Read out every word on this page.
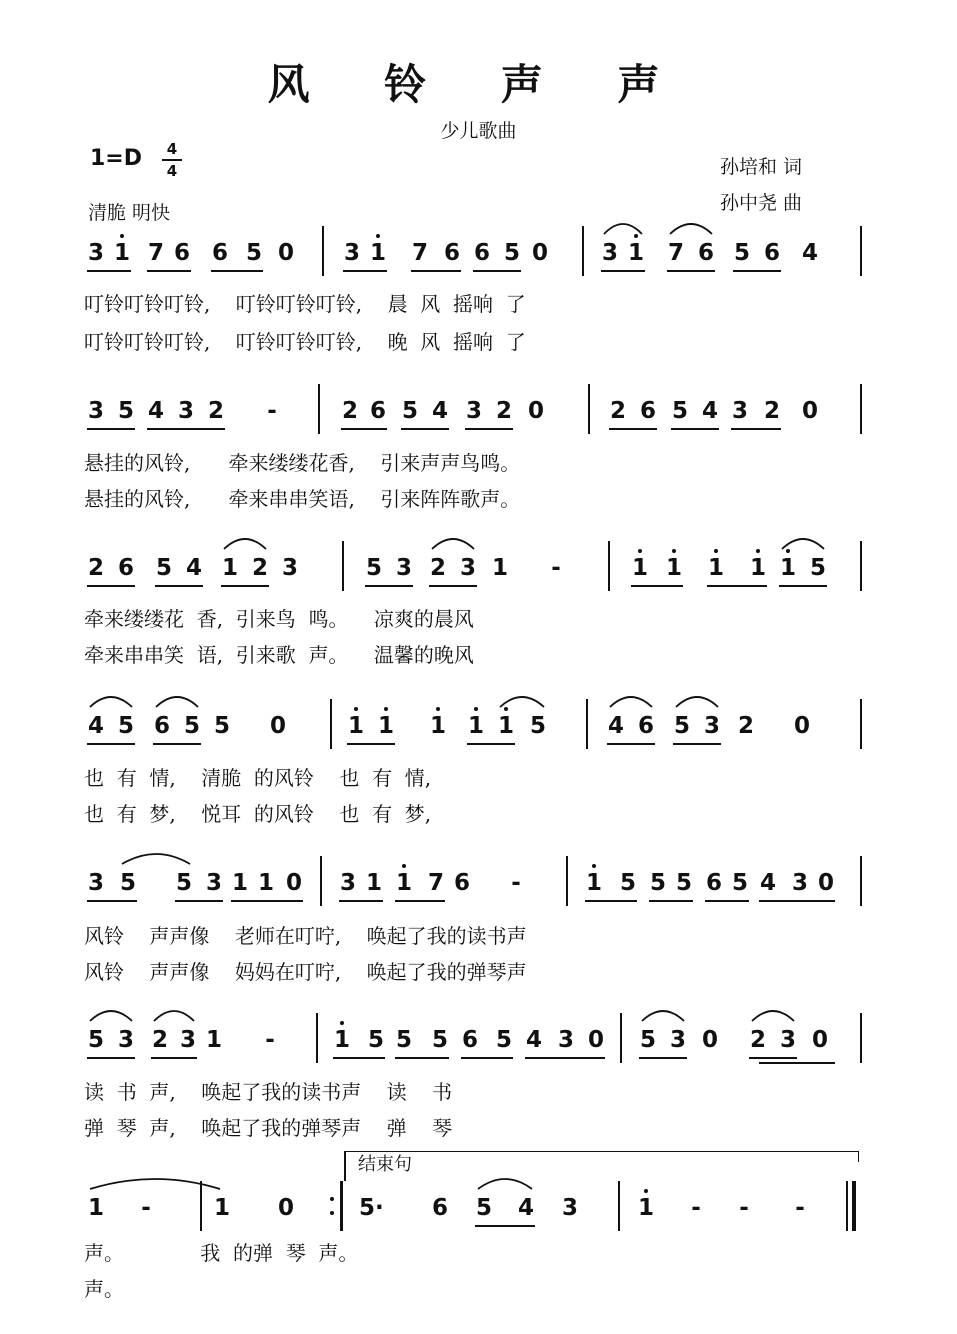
风 铃 声 声
少儿歌曲
1=D	4
4
清脆 明快
孙培和 词
孙中尧 曲
3 1 7 6 6 5 0 3 1 7 6 6 5 0 3 1 7 6 5 6 4
3 5 4 3 2 -	2 6 5 4 3 2 0	2 6 5 4 3 2 0
2 6 5 4 1 2 3	5 3 2 3 1 -	1 1 1 1 1 5
4 5 6 5 5 0	1 1 1 1 1 5	4 6 5 3 2 0
3 5 5 3 1 1 0 3 1 1 7 6 -	1 5 5 5 6 5 4 3 0
5 3 2 3 1 -	1 5 5 5 6 5 4 3 0 5 3 0 2 3 0
1 -	1 0	5· 6 5 4 3	1 - - -
叮铃叮铃叮铃,    叮铃叮铃叮铃,    晨  风  摇响  了
叮铃叮铃叮铃,    叮铃叮铃叮铃,    晚  风  摇响  了
悬挂的风铃,      牵来缕缕花香,    引来声声鸟鸣。
悬挂的风铃,      牵来串串笑语,    引来阵阵歌声。
牵来缕缕花  香,  引来鸟  鸣。    凉爽的晨风
牵来串串笑  语,  引来歌  声。    温馨的晚风
也  有  情,    清脆  的风铃    也  有  情,
也  有  梦,    悦耳  的风铃    也  有  梦,
风铃    声声像    老师在叮咛,    唤起了我的读书声
风铃    声声像    妈妈在叮咛,    唤起了我的弹琴声
读  书  声,    唤起了我的读书声    读    书
弹  琴  声,    唤起了我的弹琴声    弹    琴
声。            我  的弹  琴  声。
声。
结束句
